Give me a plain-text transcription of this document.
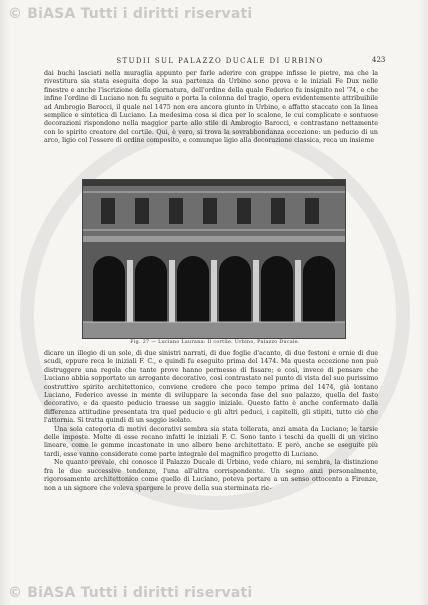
© BiASA Tutti i diritti riservati
STUDII SUL PALAZZO DUCALE DI URBINO	423

dai buchi lasciati nella muraglia appunto per farle aderire con grappe infisse le pietre, ma che la rivestitura sia stata eseguita dopo la sua partenza da Urbino sono prova e le iniziali Fe Dux nelle finestre e anche l'iscrizione della giornatura, dell'ordine della quale Federico fu insignito nel '74, e che infine l'ordine di Luciano non fu seguito e porta la colonna del tragio, opera evidentemente attribuibile ad Ambrogio Barocci, il quale nel 1475 non era ancora giunto in Urbino, e affatto staccato con la linea semplice e sintetica di Luciano. La medesima cosa si dica per lo scalone, le cui complicate e sontuose decorazioni rispondono nella maggior parte allo stile di Ambrogio Barocci, e contrastano nettamente con lo spirito creatore del cortile. Qui, è vero, si trova la sovrabbondanza eccezione: un peducio di un arco, ligio col l'essere di ordine composito, e comunque ligio alla decorazione classica, reca un insieme

Fig. 27 — Luciano Laurana: Il cortile. Urbino, Palazzo Ducale.

dicare un illegio di un sole, di due sinistri narrati, di due foglie d'acanto, di due festoni e ornie di due scudi, eppure reca le iniziali F. C., e quindi fu eseguito prima del 1474. Ma questa eccezione non può distruggere una regola che tante prove hanno permesso di fissare; e così, invece di pensare che Luciano abbia sopportato un arrogante decorativo, così contrastato nel punto di vista del suo purissimo costruttivo spirito architettonico, conviene credere che poco tempo prima del 1474, già lontano Luciano, Federico avesse in mente di sviluppare la seconda fase del suo palazzo, quella del fasto decorativo, e da questo peducio traesse un saggio iniziale. Questo fatto è anche confermato dalla differenza attitudine presentata tra quel peducio e gli altri peduci, i capitelli, gli stipiti, tutto ciò che l'attornia. Si tratta quindi di un saggio isolato.

Una sola categoria di motivi decorativi sembra sia stata tollerata, anzi amata da Luciano; le tarsie delle imposte. Molte di esse recano infatti le iniziali F. C. Sono tanto i teschi da quelli di un vicino lineare, come le gemme incastonate in uno albero bene architettato. E però, anche se eseguite più tardi, esse vanno considerate come parte integrale del magnifico progetto di Luciano.

Ne quanto prevale, chi conosce il Palazzo Ducale di Urbino, vede chiaro, mi sembra, la distinzione fra le due successive tendenze, l'una all'altra corrispondente. Un segno anzi personalmente, rigorosamente architettonico come quello di Luciano, poteva portare a un senso ottocento a Firenze, non a un signore che voleva spargere le prove della sua sterminata ric-

© BiASA Tutti i diritti riservati
